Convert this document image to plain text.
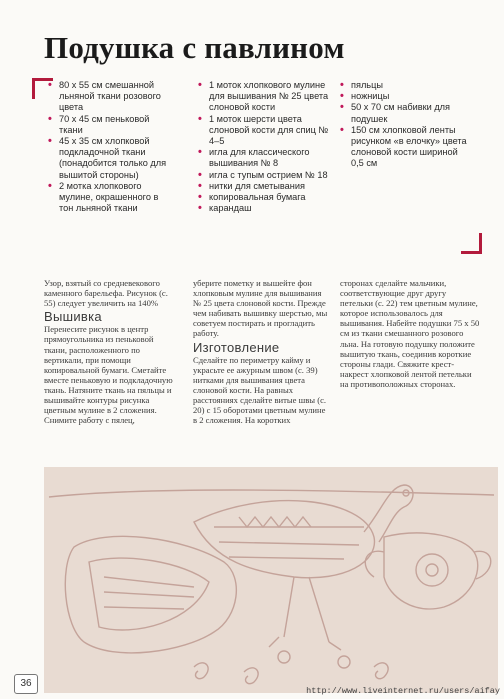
Подушка с павлином
• 80 х 55 см смешанной льняной ткани розового цвета
• 70 х 45 см пеньковой ткани
• 45 х 35 см хлопковой подкладочной ткани (понадобится только для вышитой стороны)
• 2 мотка хлопкового мулине, окрашенного в тон льняной ткани
• 1 моток хлопкового мулине для вышивания № 25 цвета слоновой кости
• 1 моток шерсти цвета слоновой кости для спиц № 4–5
• игла для классического вышивания № 8
• игла с тупым острием № 18
• нитки для сметывания
• копировальная бумага
• карандаш
• пяльцы
• ножницы
• 50 х 70 см набивки для подушек
• 150 см хлопковой ленты рисунком «в елочку» цвета слоновой кости шириной 0,5 см

Узор, взятый со средневекового каменного барельефа. Рисунок (с. 55) следует увеличить на 140%

Вышивка

Перенесите рисунок в центр прямоугольника из пеньковой ткани, расположенного по вертикали, при помощи копировальной бумаги. Сметайте вместе пеньковую и подкладочную ткань. Натяните ткань на пяльцы и вышивайте контуры рисунка цветным мулине в 2 сложения. Снимите работу с пялец,

уберите пометку и вышейте фон хлопковым мулине для вышивания № 25 цвета слоновой кости. Прежде чем набивать вышивку шерстью, мы советуем постирать и прогладить работу.

Изготовление

Сделайте по периметру кайму и украсьте ее ажурным швом (с. 39) нитками для вышивания цвета слоновой кости. На равных расстояниях сделайте витые швы (с. 20) с 15 оборотами цветным мулине в 2 сложения. На коротких

сторонах сделайте мальчики, соответствующие друг другу петельки (с. 22) тем цветным мулине, которое использовалось для вышивания. Набейте подушки 75 х 50 см из ткани смешанного розового льна. На готовую подушку положите вышитую ткань, соединив короткие стороны глади. Свяжите крест-накрест хлопковой лентой петельки на противоположных сторонах.

36
http://www.liveinternet.ru/users/aifay
